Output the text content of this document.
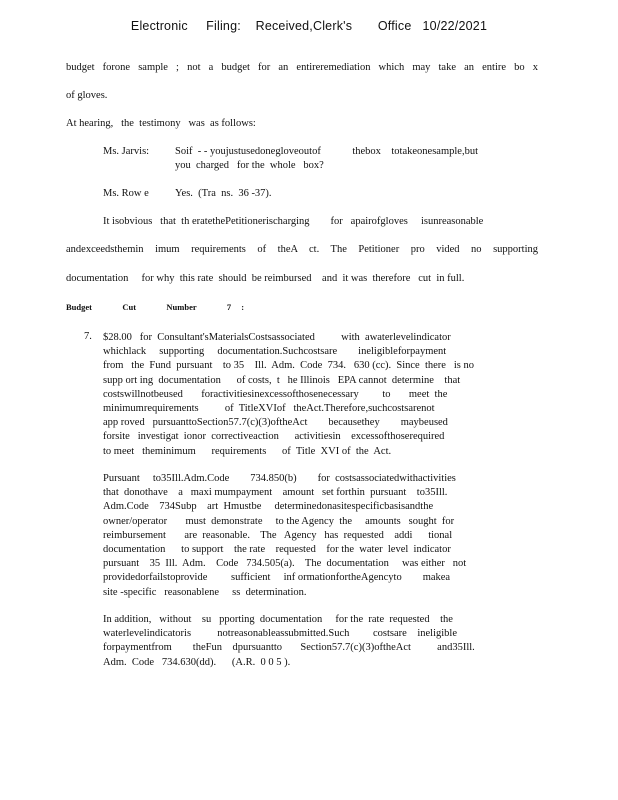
Electronic     Filing:    Received,Clerk's       Office   10/22/2021
budget forone sample ; not a budget for an entireremediation which may take an entire bo x
of gloves.
At hearing,   the  testimony   was  as follows:
Ms. Jarvis: Soif  - - youjustusedonegloveoutof            thebox    totakeonesample,but
you  charged   for the  whole   box?
Ms. Row e Yes.  (Tra  ns.  36 -37).
It isobvious   that  th eratethePetitionerischarging        for   apairofgloves     isunreasonable
andexceedsthemin imum requirements of theA ct. The Petitioner pro vided no supporting
documentation     for why  this rate  should  be reimbursed    and  it was  therefore   cut  in full.
Budget   Cut   Number   7 :
7. $28.00   for  Consultant'sMaterialsCostsassociated          with  awaterlevelindicator
whichlack     supporting     documentation.Suchcostsare        ineligibleforpayment
from   the  Fund  pursuant    to 35    Ill.  Adm.  Code  734.   630 (cc).  Since  there   is no
supp ort ing  documentation      of costs,  t   he Illinois   EPA cannot  determine    that
costswillnotbeused       foractivitiesinexcessofthosenecessary         to       meet  the
minimumrequirements          of  TitleXVIof   theAct.Therefore,suchcostsarenot
app roved   pursuanttoSection57.7(c)(3)oftheAct        becausethey        maybeused
forsite   investigat  ionor  correctiveaction      activitiesin    excessofthoserequired
to meet   theminimum      requirements      of  Title  XVI of  the  Act.
Pursuant     to35Ill.Adm.Code        734.850(b)        for  costsassociatedwithactivities
that  donothave    a   maxi mumpayment    amount   set forthin  pursuant    to35Ill.
Adm.Code    734Subp    art  Hmustbe     determinedonasitespecificbasisandthe
owner/operator       must  demonstrate     to the Agency  the     amounts   sought  for
reimbursement       are  reasonable.    The   Agency   has  requested    addi      tional
documentation      to support    the rate    requested    for the  water  level  indicator
pursuant    35  Ill.  Adm.    Code   734.505(a).    The  documentation     was either   not
providedorfailstoprovide         sufficient     inf ormationfortheAgencyto        makea
site -specific   reasonablene     ss  determination.
In addition,   without    su   pporting  documentation     for the  rate  requested    the
waterlevelindicatoris          notreasonableassubmitted.Such         costsare    ineligible
forpaymentfrom        theFun    dpursuantto       Section57.7(c)(3)oftheAct          and35Ill.
Adm.  Code   734.630(dd).      (A.R.  0 0 5 ).
